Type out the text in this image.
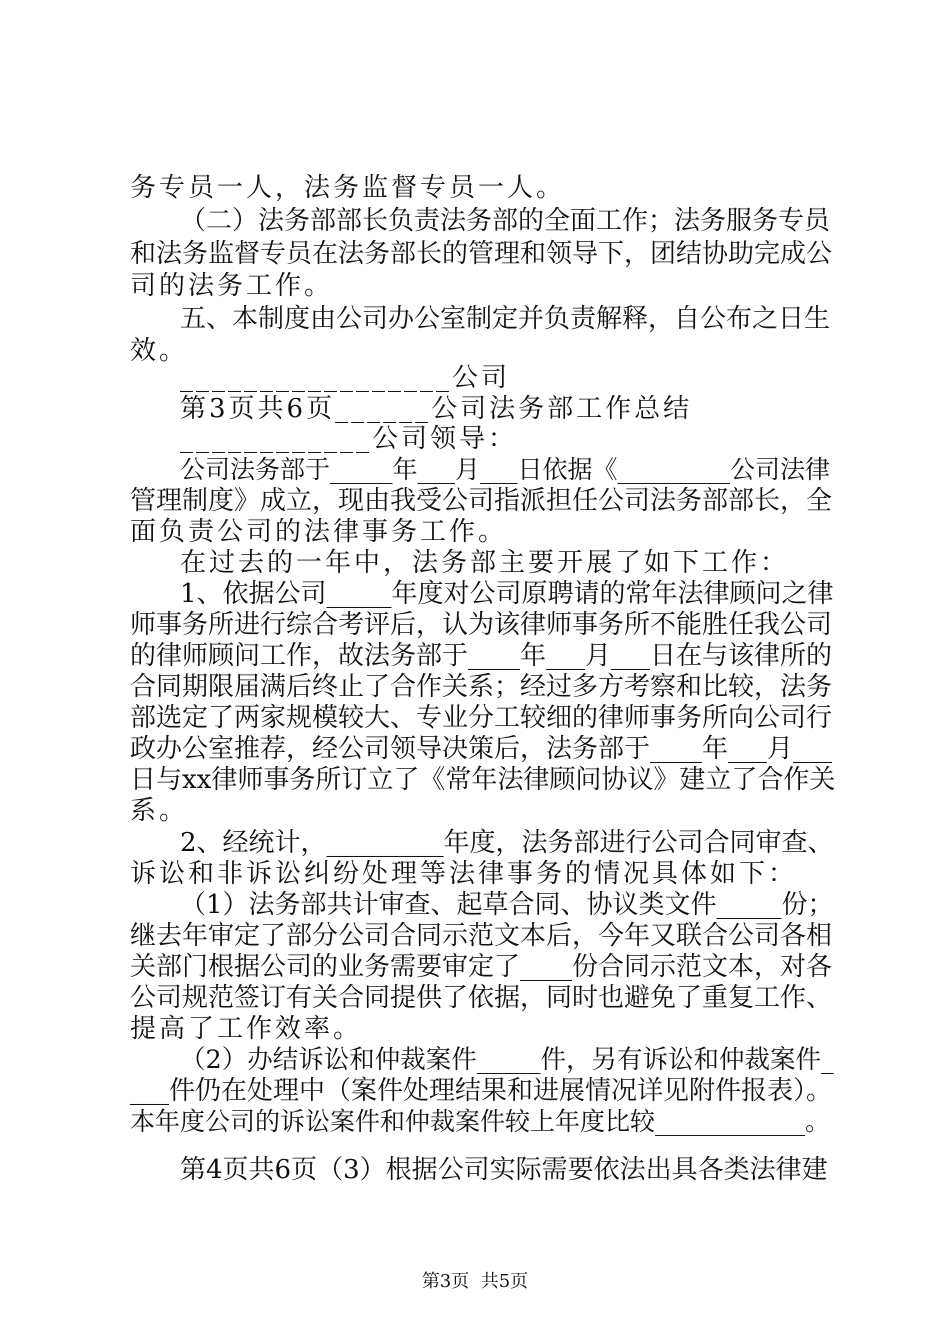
务专员一人，法务监督专员一人。
（二）法务部部长负责法务部的全面工作；法务服务专员
和法务监督专员在法务部长的管理和领导下，团结协助完成公
司的法务工作。
五、本制度由公司办公室制定并负责解释，自公布之日生
效。
_________________公司
第3页共6页______公司法务部工作总结
____________公司领导：
公司法务部于_____年___月___日依据《_________公司法律
管理制度》成立，现由我受公司指派担任公司法务部部长，全
面负责公司的法律事务工作。
在过去的一年中，法务部主要开展了如下工作：
1、依据公司_____年度对公司原聘请的常年法律顾问之律
师事务所进行综合考评后，认为该律师事务所不能胜任我公司
的律师顾问工作，故法务部于____年___月___日在与该律所的
合同期限届满后终止了合作关系；经过多方考察和比较，法务
部选定了两家规模较大、专业分工较细的律师事务所向公司行
政办公室推荐，经公司领导决策后，法务部于____年___月___
日与xx律师事务所订立了《常年法律顾问协议》建立了合作关
系。
2、经统计，_________年度，法务部进行公司合同审查、
诉讼和非诉讼纠纷处理等法律事务的情况具体如下：
（1）法务部共计审查、起草合同、协议类文件_____份；
继去年审定了部分公司合同示范文本后，今年又联合公司各相
关部门根据公司的业务需要审定了____份合同示范文本，对各
公司规范签订有关合同提供了依据，同时也避免了重复工作、
提高了工作效率。
（2）办结诉讼和仲裁案件_____件，另有诉讼和仲裁案件_
___件仍在处理中（案件处理结果和进展情况详见附件报表）。
本年度公司的诉讼案件和仲裁案件较上年度比较____________。
第4页共6页（3）根据公司实际需要依法出具各类法律建
第3页  共5页
